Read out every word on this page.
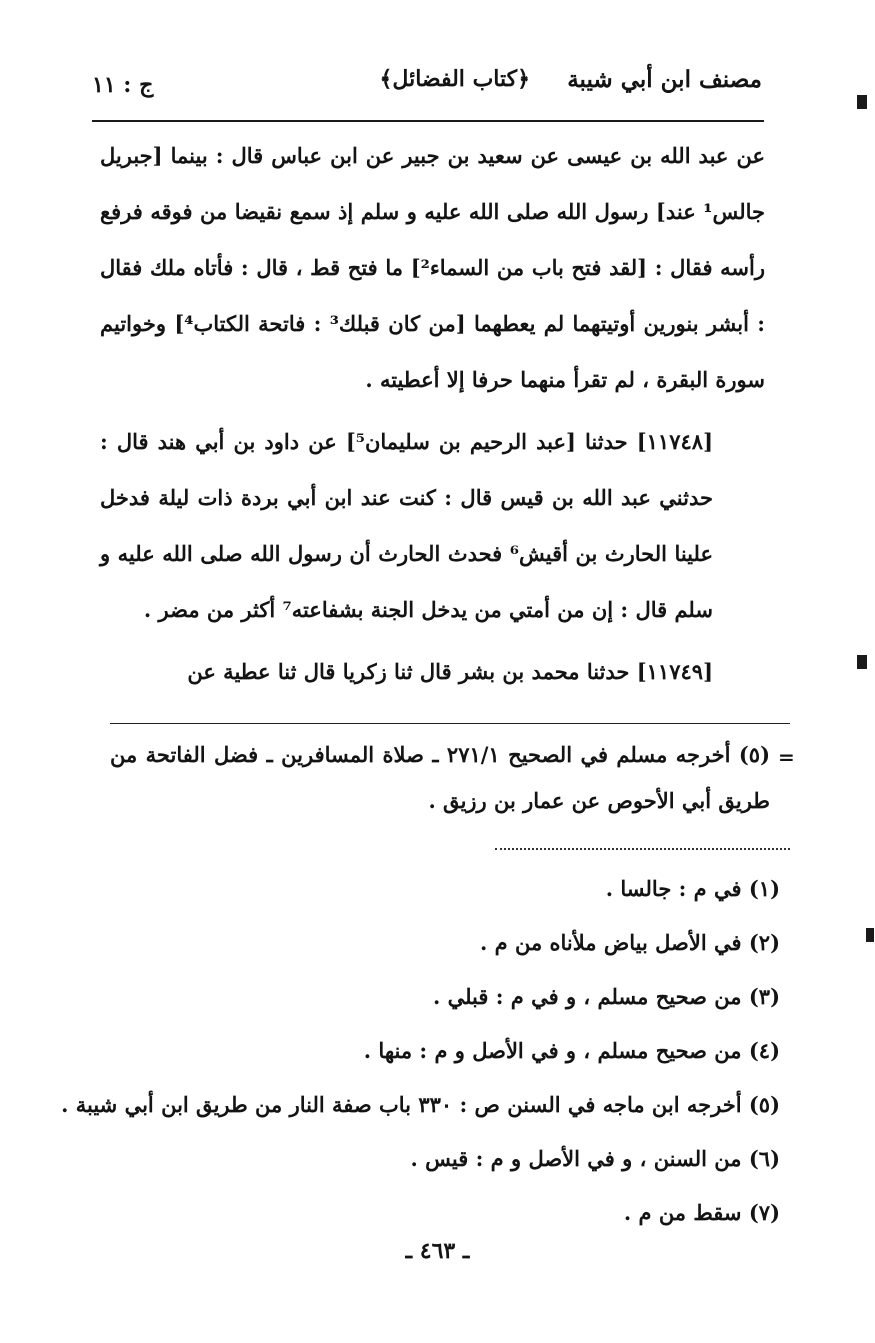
مصنف ابن أبي شيبة
﴿كتاب الفضائل﴾
ج : ١١

عن عبد الله بن عيسى عن سعيد بن جبير عن ابن عباس قال : بينما [جبريل جالس¹ عند] رسول الله صلى الله عليه و سلم إذ سمع نقيضا من فوقه فرفع رأسه فقال : [لقد فتح باب من السماء²] ما فتح قط ، قال : فأتاه ملك فقال : أبشر بنورين أوتيتهما لم يعطهما [من كان قبلك³ : فاتحة الكتاب⁴] وخواتيم سورة البقرة ، لم تقرأ منهما حرفا إلا أعطيته .

[١١٧٤٨] حدثنا [عبد الرحيم بن سليمان⁵] عن داود بن أبي هند قال : حدثني عبد الله بن قيس قال : كنت عند ابن أبي بردة ذات ليلة فدخل علينا الحارث بن أقيش⁶ فحدث الحارث أن رسول الله صلى الله عليه و سلم قال : إن من أمتي من يدخل الجنة بشفاعته⁷ أكثر من مضر .

[١١٧٤٩] حدثنا محمد بن بشر قال ثنا زكريا قال ثنا عطية عن

=

(٥) أخرجه مسلم في الصحيح ٢٧١/١ ـ صلاة المسافرين ـ فضل الفاتحة من طريق أبي الأحوص عن عمار بن رزيق .

(١) في م : جالسا .
(٢) في الأصل بياض ملأناه من م .
(٣) من صحيح مسلم ، و في م : قبلي .
(٤) من صحيح مسلم ، و في الأصل و م : منها .
(٥) أخرجه ابن ماجه في السنن ص : ٣٣٠ باب صفة النار من طريق ابن أبي شيبة .
(٦) من السنن ، و في الأصل و م : قيس .
(٧) سقط من م .
ـ ٤٦٣ ـ
